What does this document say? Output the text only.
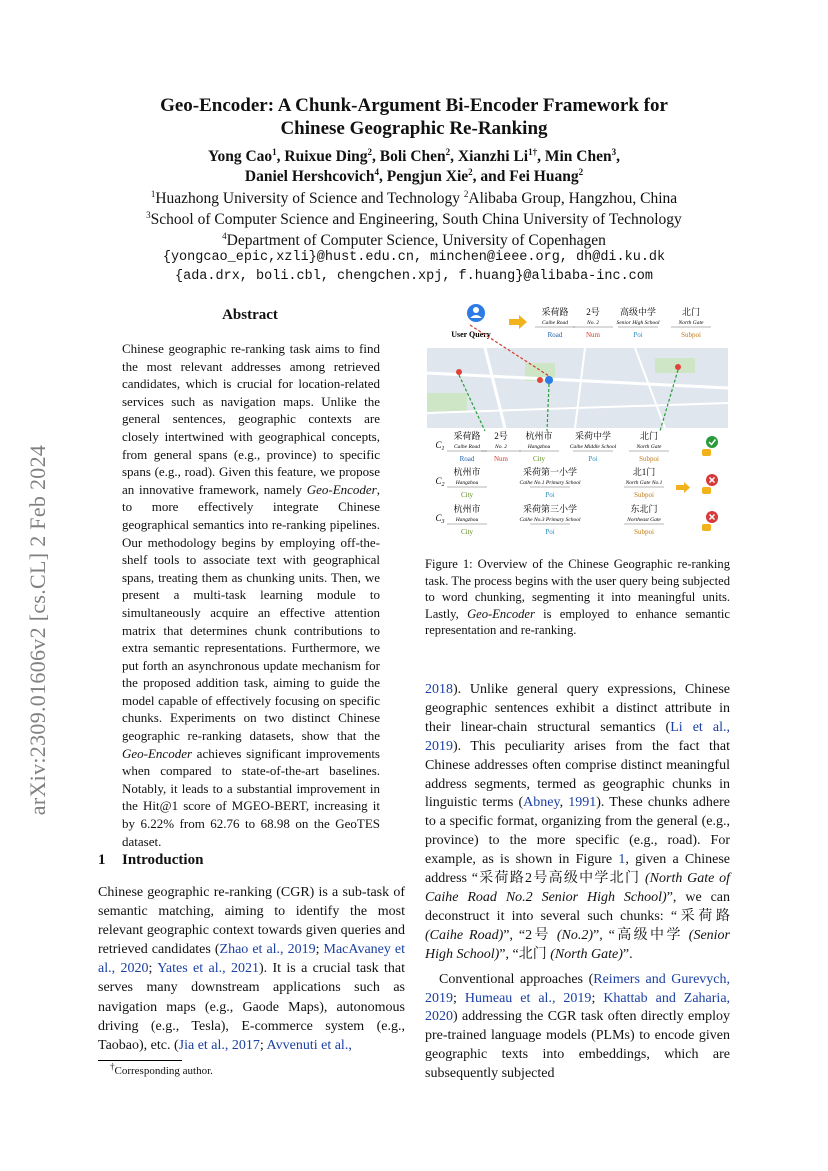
Geo-Encoder: A Chunk-Argument Bi-Encoder Framework for
Chinese Geographic Re-Ranking
Yong Cao$^1$, Ruixue Ding$^2$, Boli Chen$^2$, Xianzhi $Li^{1\dagger}$, Min Chen$^3$,
Daniel Hershcovich$^4$, Pengjun Xie$^2$, and Fei Huang$^2$
$^1$Huazhong University of Science and Technology $^2$Alibaba Group, Hangzhou, China
$^3$School of Computer Science and Engineering, South China University of Technology
$^4$Department of Computer Science, University of Copenhagen
{yongcao_epic,xzli}@hust.edu.cn, minchen@ieee.org, dh@di.ku.dk
{ada.drx, boli.cbl, chengchen.xpj, f.huang}@alibaba-inc.com
arXiv:2309.01606v2 [cs.CL] 2 Feb 2024
Abstract
Chinese geographic re-ranking task aims to find the most relevant addresses among retrieved candidates, which is crucial for location-related services such as navigation maps. Unlike the general sentences, geographic contexts are closely intertwined with geographical concepts, from general spans (e.g., province) to specific spans (e.g., road). Given this feature, we propose an innovative framework, namely Geo-Encoder, to more effectively integrate Chinese geographical semantics into re-ranking pipelines. Our methodology begins by employing off-the-shelf tools to associate text with geographical spans, treating them as chunking units. Then, we present a multi-task learning module to simultaneously acquire an effective attention matrix that determines chunk contributions to extra semantic representations. Furthermore, we put forth an asynchronous update mechanism for the proposed addition task, aiming to guide the model capable of effectively focusing on specific chunks. Experiments on two distinct Chinese geographic re-ranking datasets, show that the Geo-Encoder achieves significant improvements when compared to state-of-the-art baselines. Notably, it leads to a substantial improvement in the Hit@1 score of MGEO-BERT, increasing it by 6.22% from 62.76 to 68.98 on the GeoTES dataset.
1 Introduction
Chinese geographic re-ranking (CGR) is a sub-task of semantic matching, aiming to identify the most relevant geographic context towards given queries and retrieved candidates (Zhao et al., 2019; MacAvaney et al., 2020; Yates et al., 2021). It is a crucial task that serves many downstream applications such as navigation maps (e.g., Gaode Maps), autonomous driving (e.g., Tesla), E-commerce system (e.g., Taobao), etc. (Jia et al., 2017; Avvenuti et al.,
†Corresponding author.
User Query
采荷路
Caihe Road
Road
2号
No. 2
Num
高级中学
Senior High School
Poi
北门
North Gate
Subpoi
$C_1$
采荷路
Caihe Road
Road
2号
No. 2
Num
杭州市
Hangzhou
City
采荷中学
Caihe Middle School
Poi
北门
North Gate
Subpoi
$C_2$
杭州市
Hangzhou
City
采荷第一小学
Caihe No.1 Primary School
Poi
北1门
North Gate No.1
Subpoi
$C_3$
杭州市
Hangzhou
City
采荷第三小学
Caihe No.3 Primary School
Poi
东北门
Northeast Gate
Subpoi
Figure 1: Overview of the Chinese Geographic re-ranking task. The process begins with the user query being subjected to word chunking, segmenting it into meaningful units. Lastly, Geo-Encoder is employed to enhance semantic representation and re-ranking.

2018). Unlike general query expressions, Chinese geographic sentences exhibit a distinct attribute in their linear-chain structural semantics (Li et al., 2019). This peculiarity arises from the fact that Chinese addresses often comprise distinct meaningful address segments, termed as geographic chunks in linguistic terms (Abney, 1991). These chunks adhere to a specific format, organizing from the general (e.g., province) to the more specific (e.g., road). For example, as is shown in Figure 1, given a Chinese address “采荷路2号高级中学北门 (North Gate of Caihe Road No.2 Senior High School)”, we can deconstruct it into several such chunks: “采荷路 (Caihe Road)”, “2号 (No.2)”, “高级中学 (Senior High School)”, “北门 (North Gate)”.

Conventional approaches (Reimers and Gurevych, 2019; Humeau et al., 2019; Khattab and Zaharia, 2020) addressing the CGR task often directly employ pre-trained language models (PLMs) to encode given geographic texts into embeddings, which are subsequently subjected
